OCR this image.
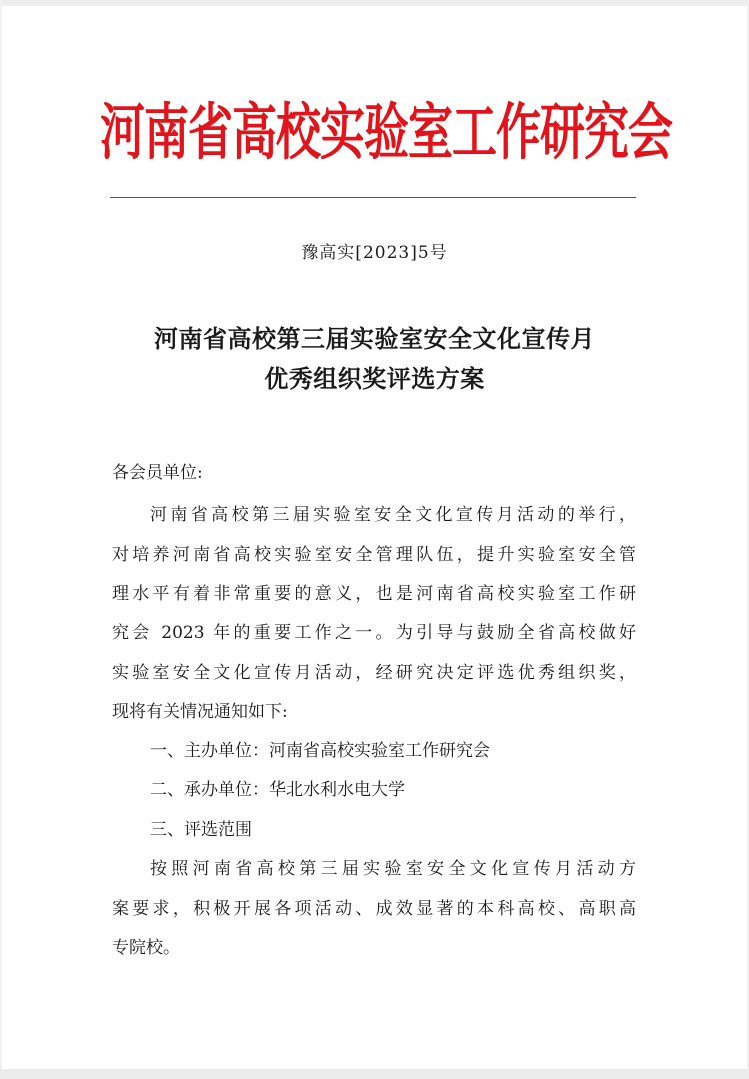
河南省高校实验室工作研究会
豫高实[2023]5号
河南省高校第三届实验室安全文化宣传月
优秀组织奖评选方案
各会员单位:
河南省高校第三届实验室安全文化宣传月活动的举行，
对培养河南省高校实验室安全管理队伍，提升实验室安全管
理水平有着非常重要的意义，也是河南省高校实验室工作研
究会 2023 年的重要工作之一。为引导与鼓励全省高校做好
实验室安全文化宣传月活动，经研究决定评选优秀组织奖，
现将有关情况通知如下:
一、主办单位：河南省高校实验室工作研究会
二、承办单位：华北水利水电大学
三、评选范围
按照河南省高校第三届实验室安全文化宣传月活动方
案要求，积极开展各项活动、成效显著的本科高校、高职高
专院校。
